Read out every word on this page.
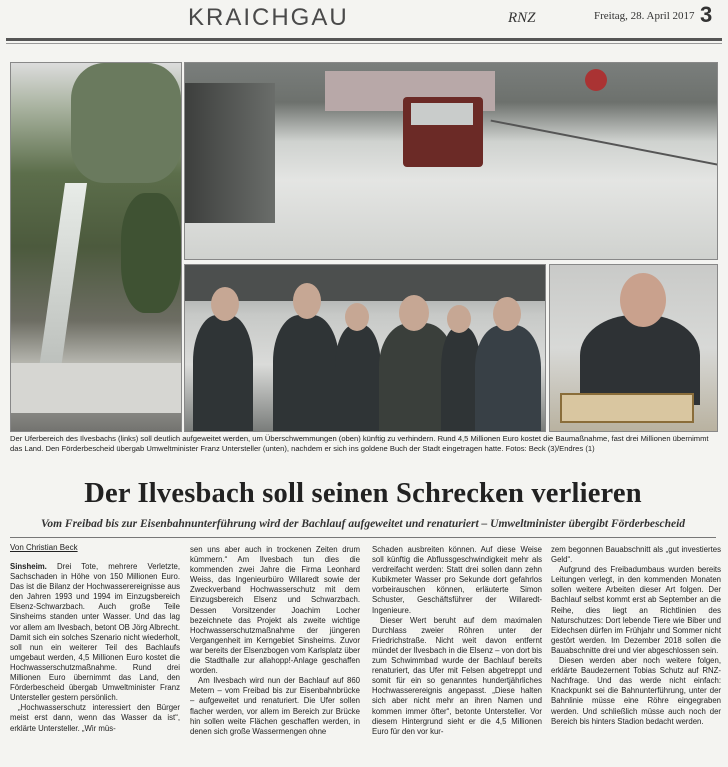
KRAICHGAU	RNZ	Freitag, 28. April 2017 3
Der Uferbereich des Ilvesbachs (links) soll deutlich aufgeweitet werden, um Überschwemmungen (oben) künftig zu verhindern. Rund 4,5 Millionen Euro kostet die Baumaßnahme, fast drei Millionen übernimmt das Land. Den Förderbescheid übergab Umweltminister Franz Untersteller (unten), nachdem er sich ins goldene Buch der Stadt eingetragen hatte. Fotos: Beck (3)/Endres (1)
Der Ilvesbach soll seinen Schrecken verlieren
Vom Freibad bis zur Eisenbahnunterführung wird der Bachlauf aufgeweitet und renaturiert – Umweltminister übergibt Förderbescheid
Von Christian Beck

Sinsheim. Drei Tote, mehrere Verletzte, Sachschaden in Höhe von 150 Millionen Euro. Das ist die Bilanz der Hochwasserereignisse aus den Jahren 1993 und 1994 im Einzugsbereich Elsenz-Schwarzbach. Auch große Teile Sinsheims standen unter Wasser. Und das lag vor allem am Ilvesbach, betont OB Jörg Albrecht. Damit sich ein solches Szenario nicht wiederholt, soll nun ein weiterer Teil des Bachlaufs umgebaut werden, 4,5 Millionen Euro kostet die Hochwasserschutzmaßnahme. Rund drei Millionen Euro übernimmt das Land, den Förderbescheid übergab Umweltminister Franz Untersteller gestern persönlich.

„Hochwasserschutz interessiert den Bürger meist erst dann, wenn das Wasser da ist“, erklärte Untersteller. „Wir müs-

sen uns aber auch in trockenen Zeiten drum kümmern.“ Am Ilvesbach tun dies die kommenden zwei Jahre die Firma Leonhard Weiss, das Ingenieurbüro Willaredt sowie der Zweckverband Hochwasserschutz mit dem Einzugsbereich Elsenz und Schwarzbach. Dessen Vorsitzender Joachim Locher bezeichnete das Projekt als zweite wichtige Hochwasserschutzmaßnahme der jüngeren Vergangenheit im Kerngebiet Sinsheims. Zuvor war bereits der Elsenzbogen vom Karlsplatz über die Stadthalle zur allahopp!-Anlage geschaffen worden.

Am Ilvesbach wird nun der Bachlauf auf 860 Metern – vom Freibad bis zur Eisenbahnbrücke – aufgeweitet und renaturiert. Die Ufer sollen flacher werden, vor allem im Bereich zur Brücke hin sollen weite Flächen geschaffen werden, in denen sich große Wassermengen ohne

Schaden ausbreiten können. Auf diese Weise soll künftig die Abflussgeschwindigkeit mehr als verdreifacht werden: Statt drei sollen dann zehn Kubikmeter Wasser pro Sekunde dort gefahrlos vorbeirauschen können, erläuterte Simon Schuster, Geschäftsführer der Willaredt-Ingenieure.

Dieser Wert beruht auf dem maximalen Durchlass zweier Röhren unter der Friedrichstraße. Nicht weit davon entfernt mündet der Ilvesbach in die Elsenz – von dort bis zum Schwimmbad wurde der Bachlauf bereits renaturiert, das Ufer mit Felsen abgetreppt und somit für ein so genanntes hundertjährliches Hochwasserereignis angepasst. „Diese halten sich aber nicht mehr an ihren Namen und kommen immer öfter“, betonte Untersteller. Vor diesem Hintergrund sieht er die 4,5 Millionen Euro für den vor kur-

zem begonnen Bauabschnitt als „gut investiertes Geld“.

Aufgrund des Freibadumbaus wurden bereits Leitungen verlegt, in den kommenden Monaten sollen weitere Arbeiten dieser Art folgen. Der Bachlauf selbst kommt erst ab September an die Reihe, dies liegt an Richtlinien des Naturschutzes: Dort lebende Tiere wie Biber und Eidechsen dürfen im Frühjahr und Sommer nicht gestört werden. Im Dezember 2018 sollen die Bauabschnitte drei und vier abgeschlossen sein.

Diesen werden aber noch weitere folgen, erklärte Baudezernent Tobias Schutz auf RNZ-Nachfrage. Und das werde nicht einfach: Knackpunkt sei die Bahnunterführung, unter der Bahnlinie müsse eine Röhre eingegraben werden. Und schließlich müsse auch noch der Bereich bis hinters Stadion bedacht werden.
